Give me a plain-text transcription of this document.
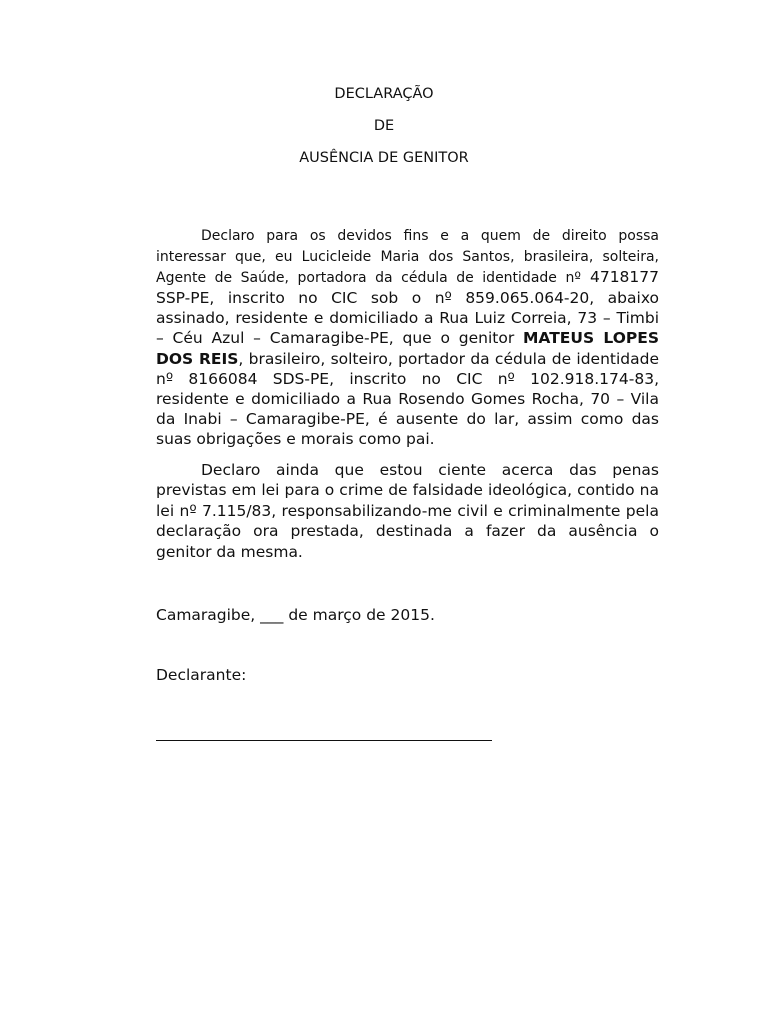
DECLARAÇÃO
DE
AUSÊNCIA DE GENITOR

Declaro para os devidos fins e a quem de direito possa interessar que, eu Lucicleide Maria dos Santos, brasileira, solteira, Agente de Saúde, portadora da cédula de identidade nº 4718177 SSP-PE, inscrito no CIC sob o nº 859.065.064-20, abaixo assinado, residente e domiciliado a Rua Luiz Correia, 73 – Timbi – Céu Azul – Camaragibe-PE, que o genitor MATEUS LOPES DOS REIS, brasileiro, solteiro, portador da cédula de identidade nº 8166084 SDS-PE, inscrito no CIC nº 102.918.174-83, residente e domiciliado a Rua Rosendo Gomes Rocha, 70 – Vila da Inabi – Camaragibe-PE, é ausente do lar, assim como das suas obrigações e morais como pai.

Declaro ainda que estou ciente acerca das penas previstas em lei para o crime de falsidade ideológica, contido na lei nº 7.115/83, responsabilizando-me civil e criminalmente pela declaração ora prestada, destinada a fazer da ausência o genitor da mesma.

Camaragibe, ___ de março de 2015.
Declarante:
